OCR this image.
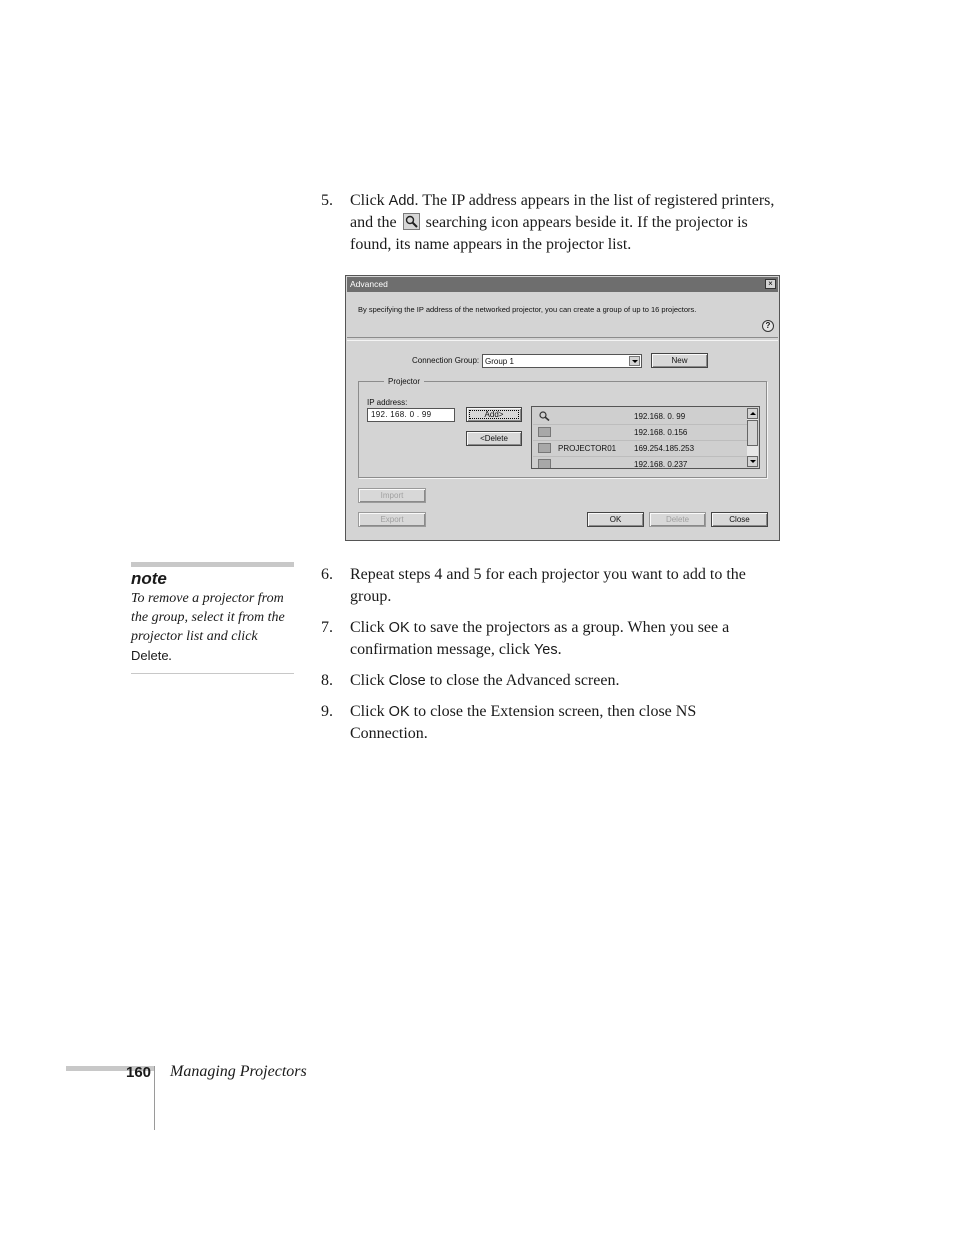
5. Click Add. The IP address appears in the list of registered printers, and the
searching icon appears beside it. If the projector is found, its name appears in the projector list.
Advanced	×
By specifying the IP address of the networked projector, you can create a group of up to 16 projectors.
?
Connection Group: Group 1	New
Projector
IP address:
192. 168. 0 . 99	Add>
<Delete
192.168. 0. 99
192.168. 0.156
PROJECTOR01 169.254.185.253
192.168. 0.237
Import
Export	OK	Delete	Close
note
To remove a projector from the group, select it from the projector list and click Delete.
6. Repeat steps 4 and 5 for each projector you want to add to the group.
7. Click OK to save the projectors as a group. When you see a confirmation message, click Yes.
8. Click Close to close the Advanced screen.
9. Click OK to close the Extension screen, then close NS Connection.
160 Managing Projectors
